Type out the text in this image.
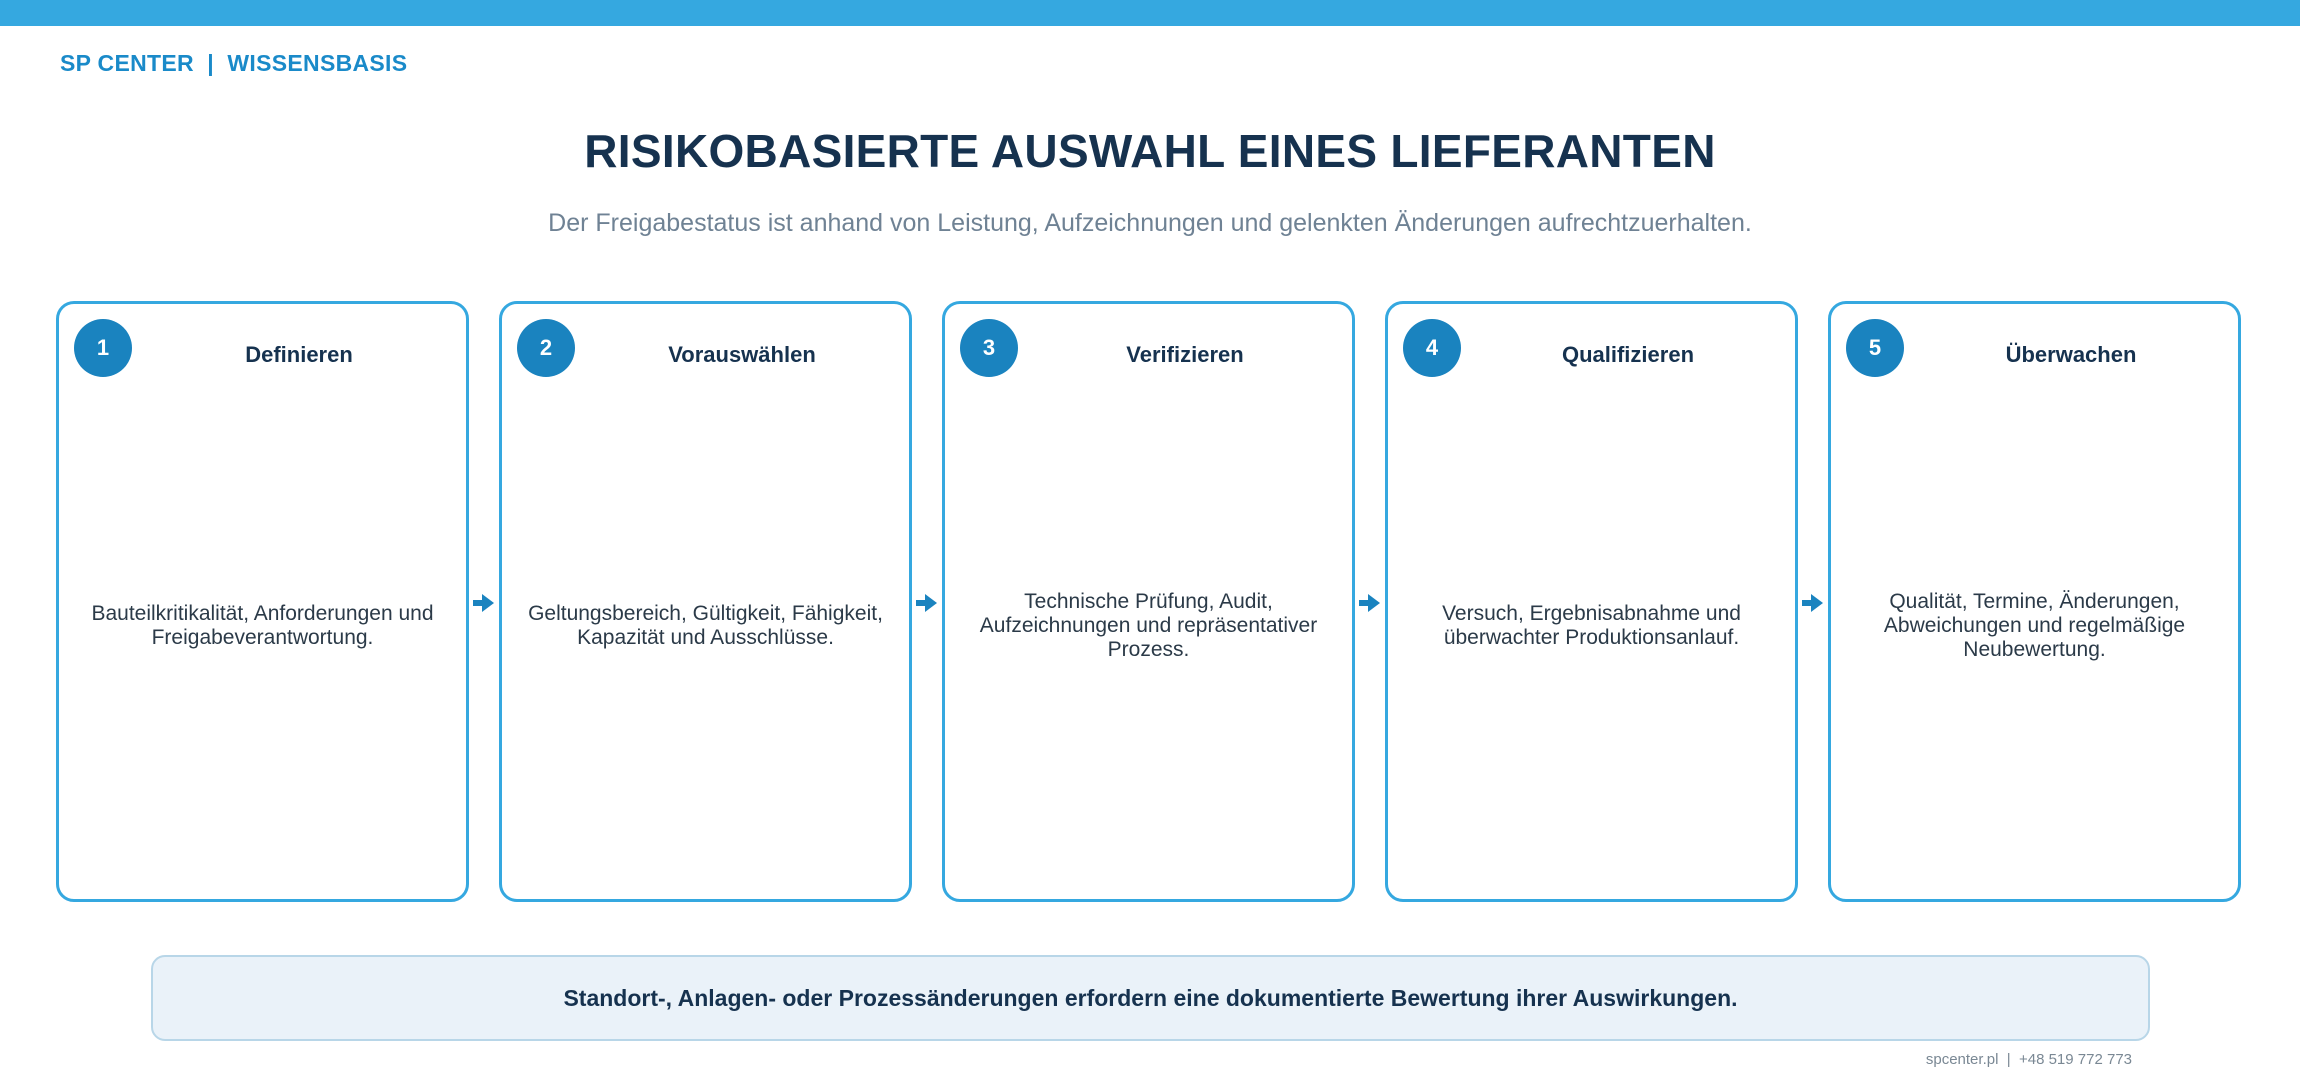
SP CENTER  |  WISSENSBASIS
RISIKOBASIERTE AUSWAHL EINES LIEFERANTEN
Der Freigabestatus ist anhand von Leistung, Aufzeichnungen und gelenkten Änderungen aufrechtzuerhalten.
1	Definieren
Bauteilkritikalität, Anforderungen und Freigabeverantwortung.
2	Vorauswählen
Geltungsbereich, Gültigkeit, Fähigkeit, Kapazität und Ausschlüsse.
3	Verifizieren
Technische Prüfung, Audit, Aufzeichnungen und repräsentativer Prozess.
4	Qualifizieren
Versuch, Ergebnisabnahme und überwachter Produktionsanlauf.
5	Überwachen
Qualität, Termine, Änderungen, Abweichungen und regelmäßige Neubewertung.
Standort-, Anlagen- oder Prozessänderungen erfordern eine dokumentierte Bewertung ihrer Auswirkungen.
spcenter.pl  |  +48 519 772 773
